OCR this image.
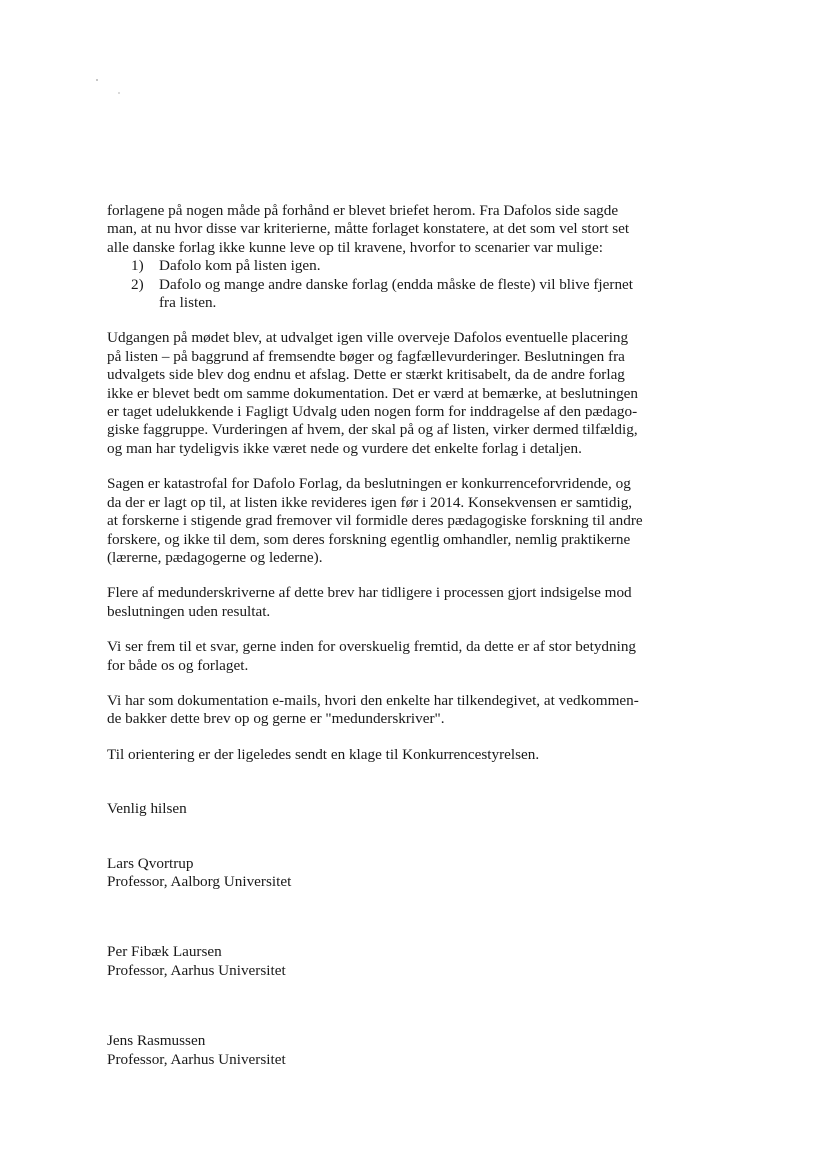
forlagene på nogen måde på forhånd er blevet briefet herom. Fra Dafolos side sagde
man, at nu hvor disse var kriterierne, måtte forlaget konstatere, at det som vel stort set
alle danske forlag ikke kunne leve op til kravene, hvorfor to scenarier var mulige:
1)	Dafolo kom på listen igen.
2)	Dafolo og mange andre danske forlag (endda måske de fleste) vil blive fjernet
fra listen.
Udgangen på mødet blev, at udvalget igen ville overveje Dafolos eventuelle placering
på listen – på baggrund af fremsendte bøger og fagfællevurderinger. Beslutningen fra
udvalgets side blev dog endnu et afslag. Dette er stærkt kritisabelt, da de andre forlag
ikke er blevet bedt om samme dokumentation. Det er værd at bemærke, at beslutningen
er taget udelukkende i Fagligt Udvalg uden nogen form for inddragelse af den pædago-
giske faggruppe. Vurderingen af hvem, der skal på og af listen, virker dermed tilfældig,
og man har tydeligvis ikke været nede og vurdere det enkelte forlag i detaljen.
Sagen er katastrofal for Dafolo Forlag, da beslutningen er konkurrenceforvridende, og
da der er lagt op til, at listen ikke revideres igen før i 2014. Konsekvensen er samtidig,
at forskerne i stigende grad fremover vil formidle deres pædagogiske forskning til andre
forskere, og ikke til dem, som deres forskning egentlig omhandler, nemlig praktikerne
(lærerne, pædagogerne og lederne).
Flere af medunderskriverne af dette brev har tidligere i processen gjort indsigelse mod
beslutningen uden resultat.
Vi ser frem til et svar, gerne inden for overskuelig fremtid, da dette er af stor betydning
for både os og forlaget.
Vi har som dokumentation e-mails, hvori den enkelte har tilkendegivet, at vedkommen-
de bakker dette brev op og gerne er "medunderskriver".
Til orientering er der ligeledes sendt en klage til Konkurrencestyrelsen.
Venlig hilsen
Lars Qvortrup
Professor, Aalborg Universitet
Per Fibæk Laursen
Professor, Aarhus Universitet
Jens Rasmussen
Professor, Aarhus Universitet
